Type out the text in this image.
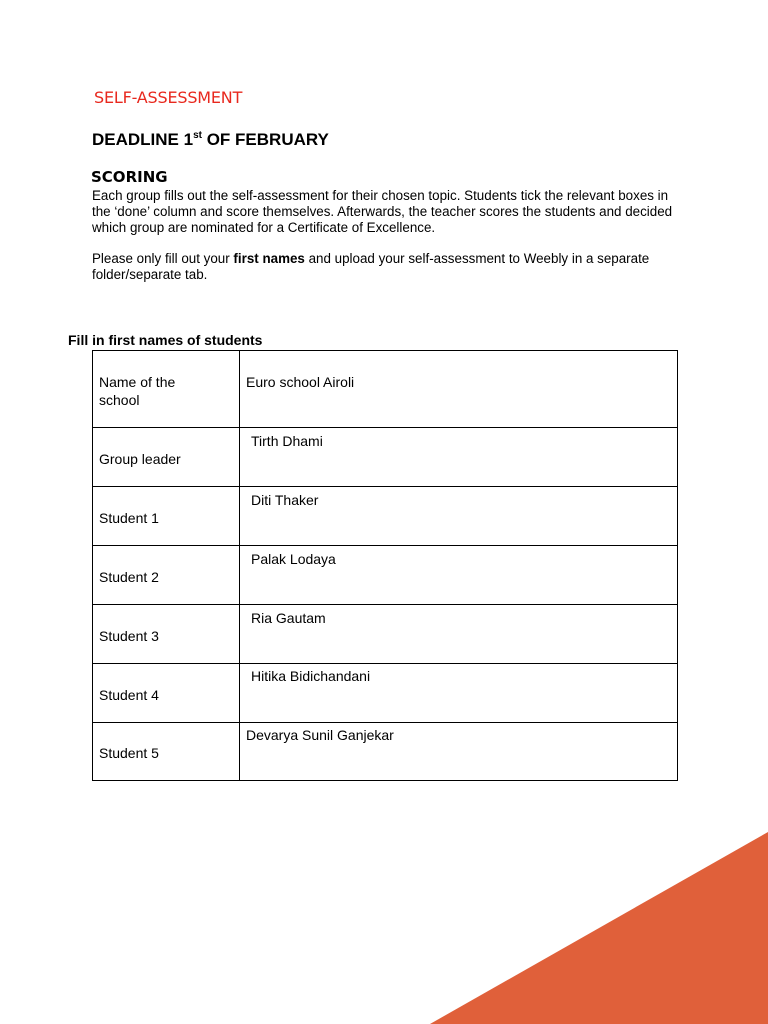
SELF-ASSESSMENT
DEADLINE 1st OF FEBRUARY
SCORING

Each group fills out the self-assessment for their chosen topic. Students tick the relevant boxes in the ‘done’ column and score themselves. Afterwards, the teacher scores the students and decided which group are nominated for a Certificate of Excellence.

Please only fill out your first names and upload your self-assessment to Weebly in a separate folder/separate tab.

Fill in first names of students
Name of the school	Euro school Airoli

Group leader	Tirth Dhami

Student 1	Diti Thaker

Student 2	Palak Lodaya

Student 3	Ria Gautam

Student 4	Hitika Bidichandani

Student 5	Devarya Sunil Ganjekar
